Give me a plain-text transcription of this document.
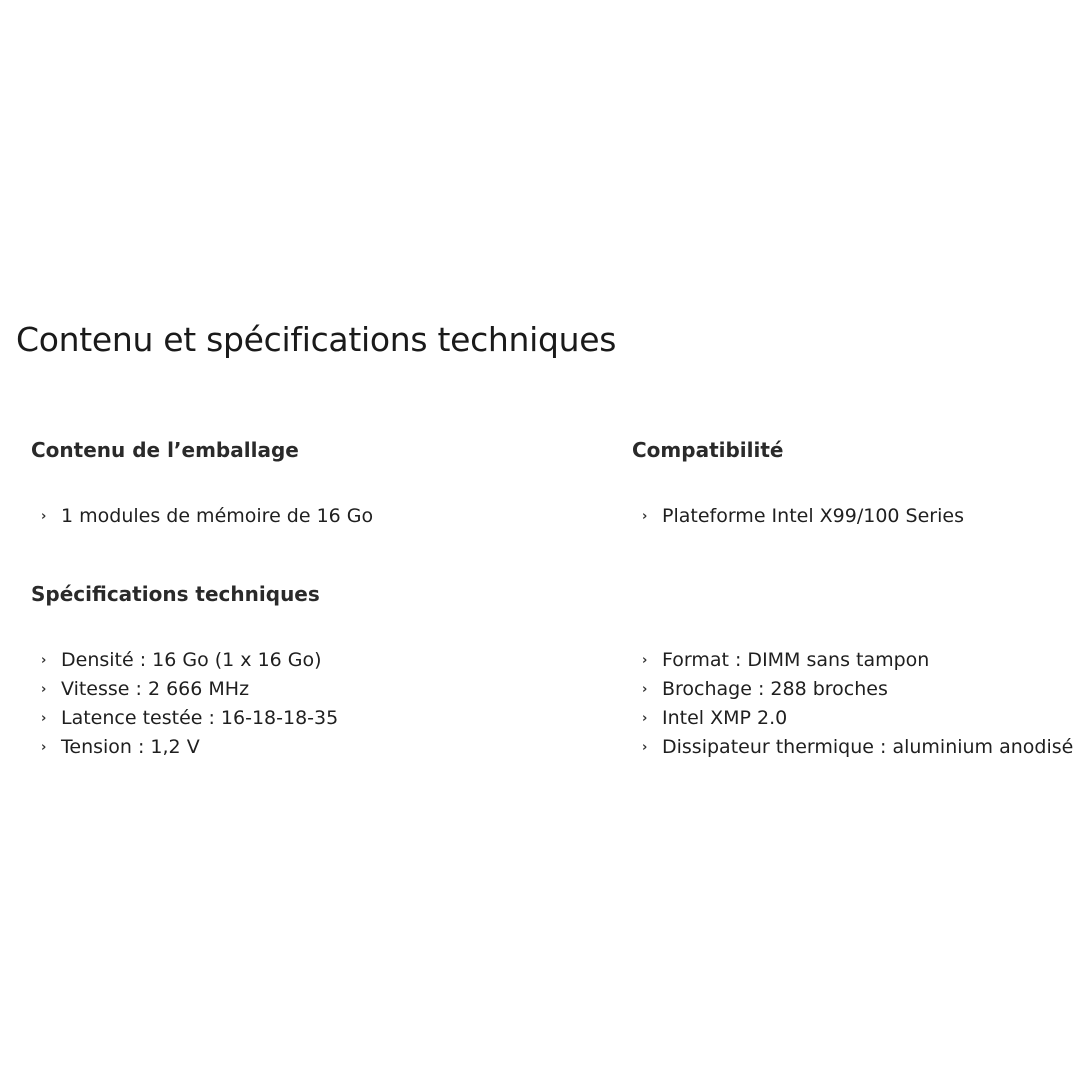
Contenu et spécifications techniques
Contenu de l’emballage
› 1 modules de mémoire de 16 Go
Compatibilité
› Plateforme Intel X99/100 Series
Spécifications techniques
› Densité : 16 Go (1 x 16 Go)
› Vitesse : 2 666 MHz
› Latence testée : 16-18-18-35
› Tension : 1,2 V
› Format : DIMM sans tampon
› Brochage : 288 broches
› Intel XMP 2.0
› Dissipateur thermique : aluminium anodisé
